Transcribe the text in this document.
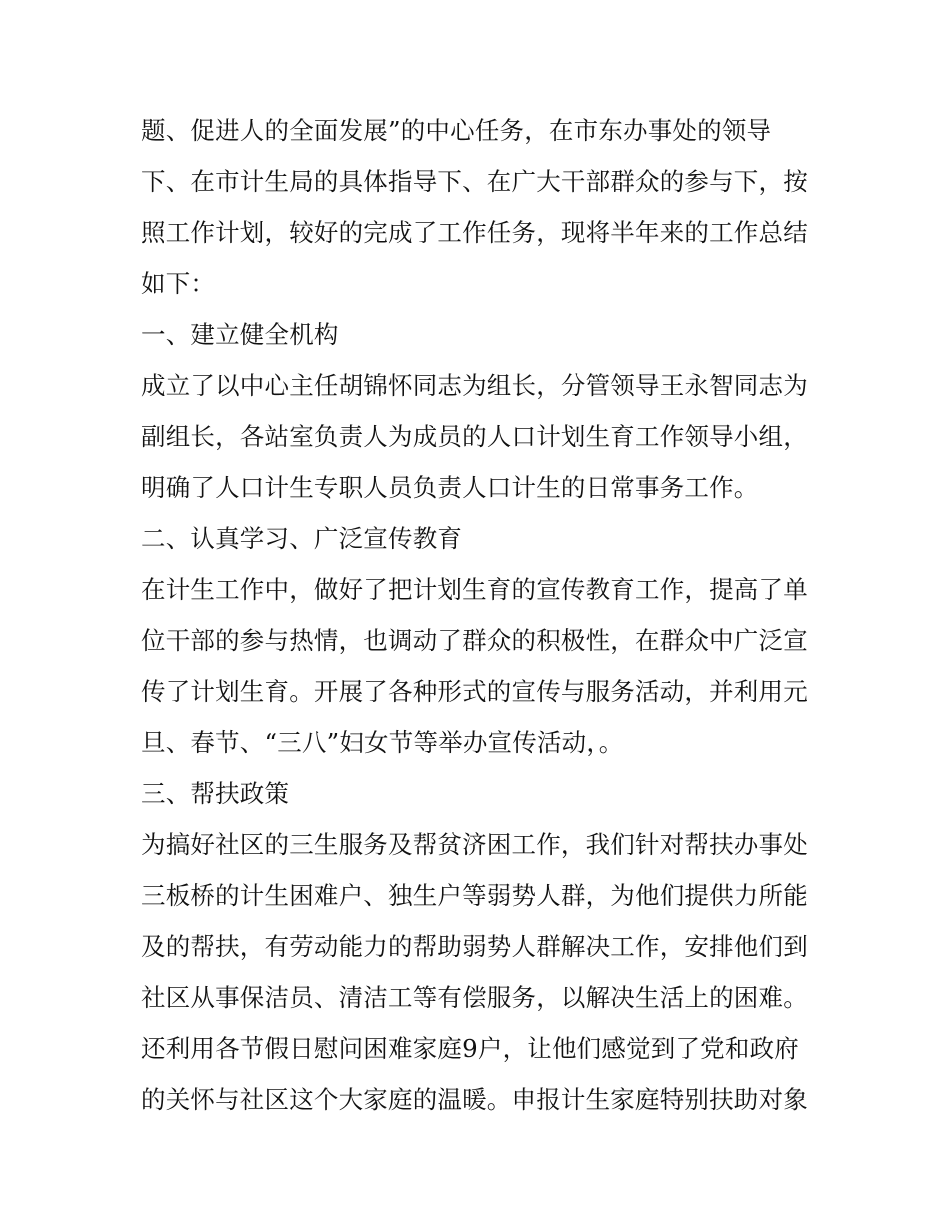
题、促进人的全面发展”的中心任务，在市东办事处的领导
下、在市计生局的具体指导下、在广大干部群众的参与下，按
照工作计划，较好的完成了工作任务，现将半年来的工作总结
如下：
一、建立健全机构
成立了以中心主任胡锦怀同志为组长，分管领导王永智同志为
副组长，各站室负责人为成员的人口计划生育工作领导小组，
明确了人口计生专职人员负责人口计生的日常事务工作。
二、认真学习、广泛宣传教育
在计生工作中，做好了把计划生育的宣传教育工作，提高了单
位干部的参与热情，也调动了群众的积极性，在群众中广泛宣
传了计划生育。开展了各种形式的宣传与服务活动，并利用元
旦、春节、“三八”妇女节等举办宣传活动，。
三、帮扶政策
为搞好社区的三生服务及帮贫济困工作，我们针对帮扶办事处
三板桥的计生困难户、独生户等弱势人群，为他们提供力所能
及的帮扶，有劳动能力的帮助弱势人群解决工作，安排他们到
社区从事保洁员、清洁工等有偿服务，以解决生活上的困难。
还利用各节假日慰问困难家庭9户，让他们感觉到了党和政府
的关怀与社区这个大家庭的温暖。申报计生家庭特别扶助对象
